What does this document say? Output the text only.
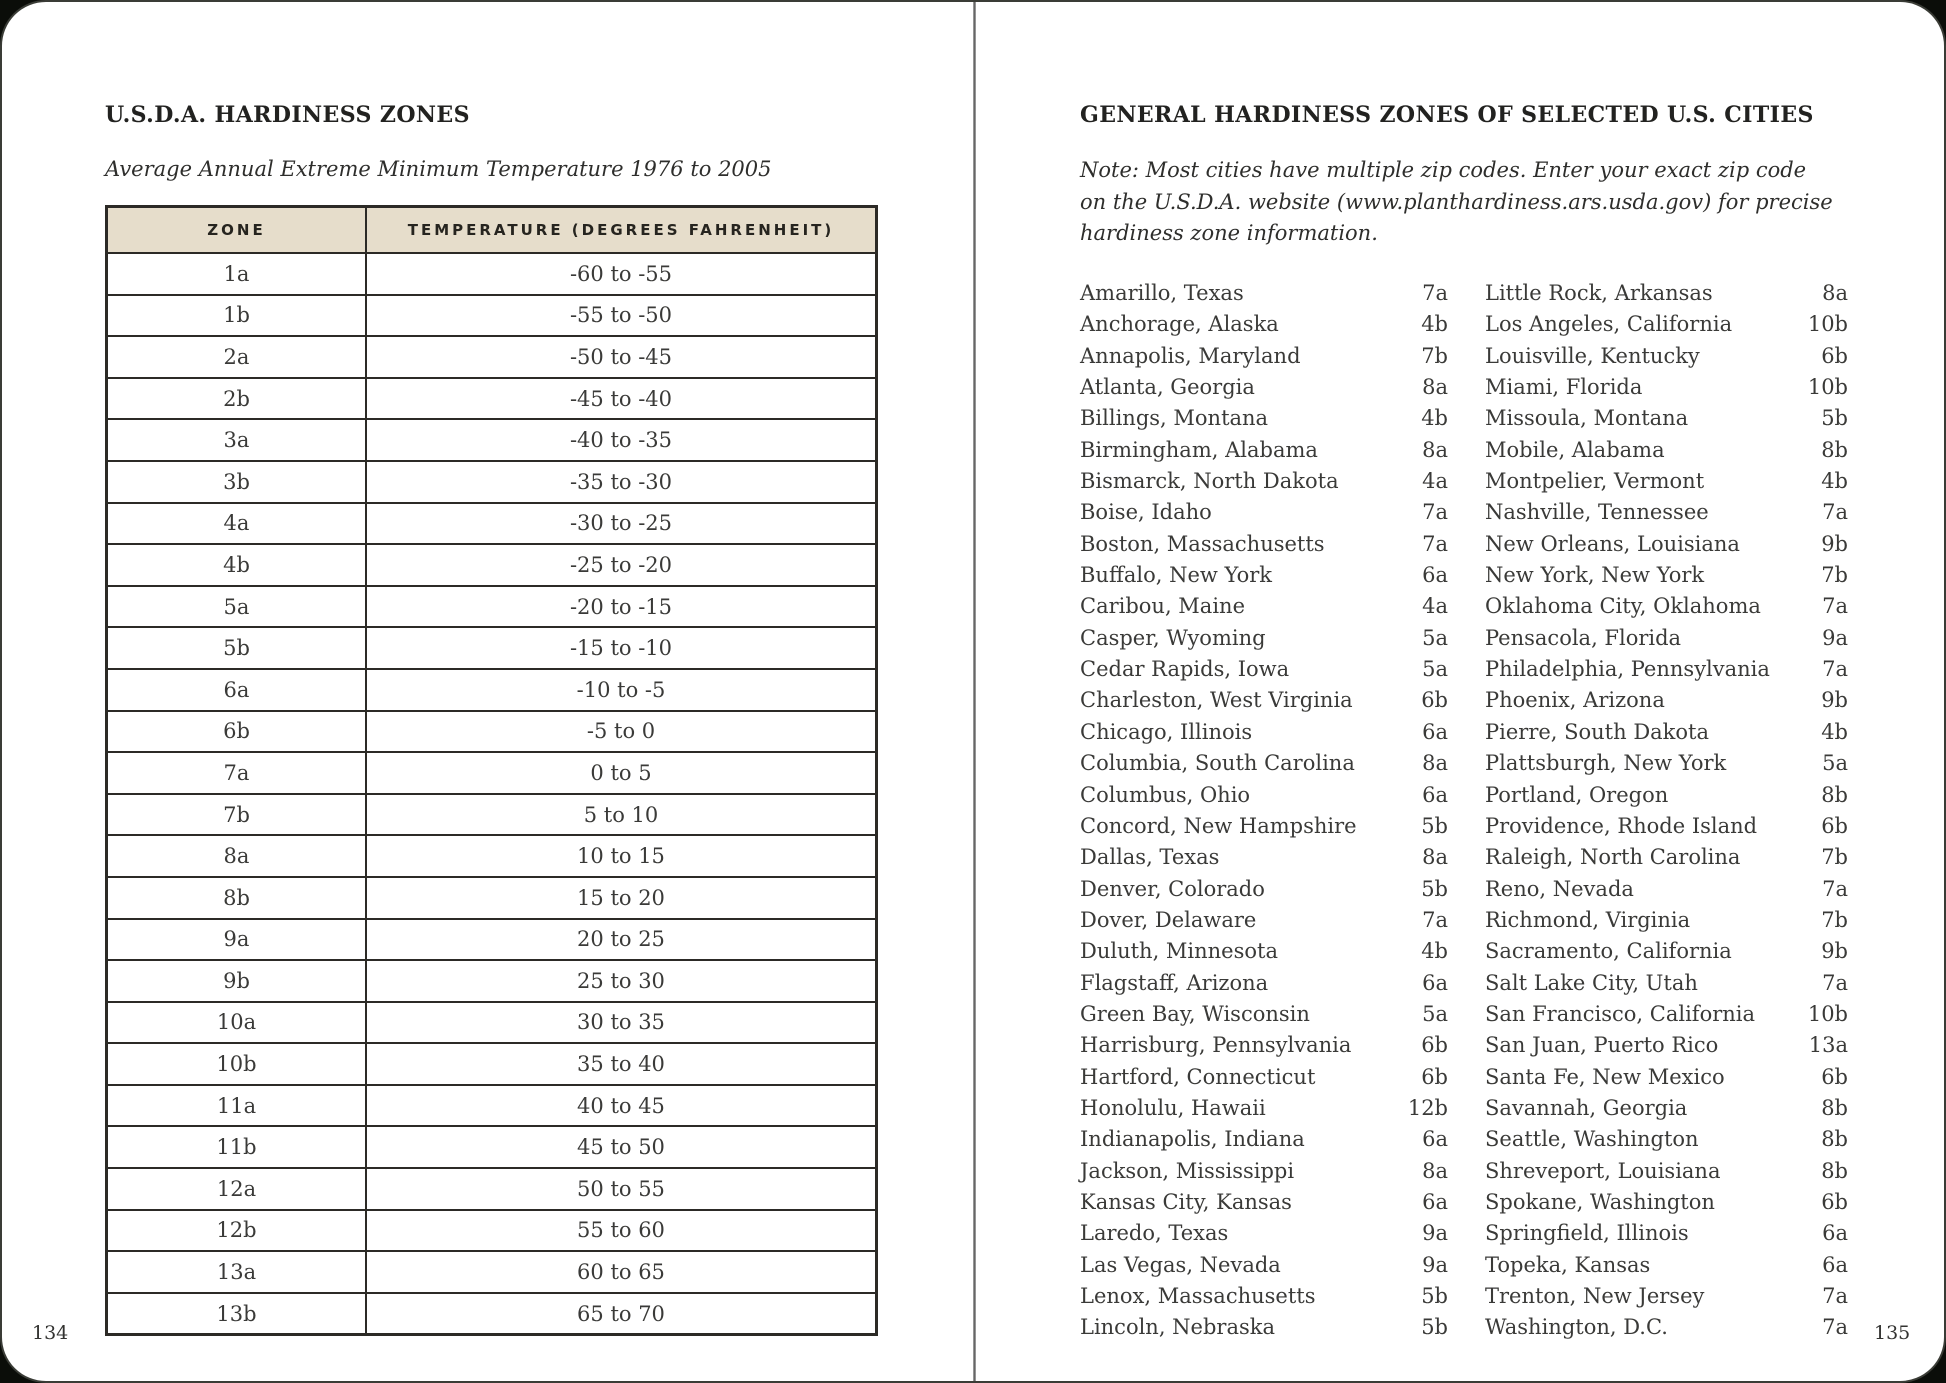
U.S.D.A. HARDINESS ZONES
Average Annual Extreme Minimum Temperature 1976 to 2005
ZONE	TEMPERATURE (DEGREES FAHRENHEIT)
1a	-60 to -55
1b	-55 to -50
2a	-50 to -45
2b	-45 to -40
3a	-40 to -35
3b	-35 to -30
4a	-30 to -25
4b	-25 to -20
5a	-20 to -15
5b	-15 to -10
6a	-10 to -5
6b	-5 to 0
7a	0 to 5
7b	5 to 10
8a	10 to 15
8b	15 to 20
9a	20 to 25
9b	25 to 30
10a	30 to 35
10b	35 to 40
11a	40 to 45
11b	45 to 50
12a	50 to 55
12b	55 to 60
13a	60 to 65
13b	65 to 70
134
GENERAL HARDINESS ZONES OF SELECTED U.S. CITIES
Note: Most cities have multiple zip codes. Enter your exact zip code
on the U.S.D.A. website (www.planthardiness.ars.usda.gov) for precise
hardiness zone information.
Amarillo, Texas	7a
Anchorage, Alaska	4b
Annapolis, Maryland	7b
Atlanta, Georgia	8a
Billings, Montana	4b
Birmingham, Alabama	8a
Bismarck, North Dakota	4a
Boise, Idaho	7a
Boston, Massachusetts	7a
Buffalo, New York	6a
Caribou, Maine	4a
Casper, Wyoming	5a
Cedar Rapids, Iowa	5a
Charleston, West Virginia	6b
Chicago, Illinois	6a
Columbia, South Carolina	8a
Columbus, Ohio	6a
Concord, New Hampshire	5b
Dallas, Texas	8a
Denver, Colorado	5b
Dover, Delaware	7a
Duluth, Minnesota	4b
Flagstaff, Arizona	6a
Green Bay, Wisconsin	5a
Harrisburg, Pennsylvania	6b
Hartford, Connecticut	6b
Honolulu, Hawaii	12b
Indianapolis, Indiana	6a
Jackson, Mississippi	8a
Kansas City, Kansas	6a
Laredo, Texas	9a
Las Vegas, Nevada	9a
Lenox, Massachusetts	5b
Lincoln, Nebraska	5b
Little Rock, Arkansas	8a
Los Angeles, California	10b
Louisville, Kentucky	6b
Miami, Florida	10b
Missoula, Montana	5b
Mobile, Alabama	8b
Montpelier, Vermont	4b
Nashville, Tennessee	7a
New Orleans, Louisiana	9b
New York, New York	7b
Oklahoma City, Oklahoma	7a
Pensacola, Florida	9a
Philadelphia, Pennsylvania 7a
Phoenix, Arizona	9b
Pierre, South Dakota	4b
Plattsburgh, New York	5a
Portland, Oregon	8b
Providence, Rhode Island	6b
Raleigh, North Carolina	7b
Reno, Nevada	7a
Richmond, Virginia	7b
Sacramento, California	9b
Salt Lake City, Utah	7a
San Francisco, California	10b
San Juan, Puerto Rico	13a
Santa Fe, New Mexico	6b
Savannah, Georgia	8b
Seattle, Washington	8b
Shreveport, Louisiana	8b
Spokane, Washington	6b
Springfield, Illinois	6a
Topeka, Kansas	6a
Trenton, New Jersey	7a
Washington, D.C.	7a 135
